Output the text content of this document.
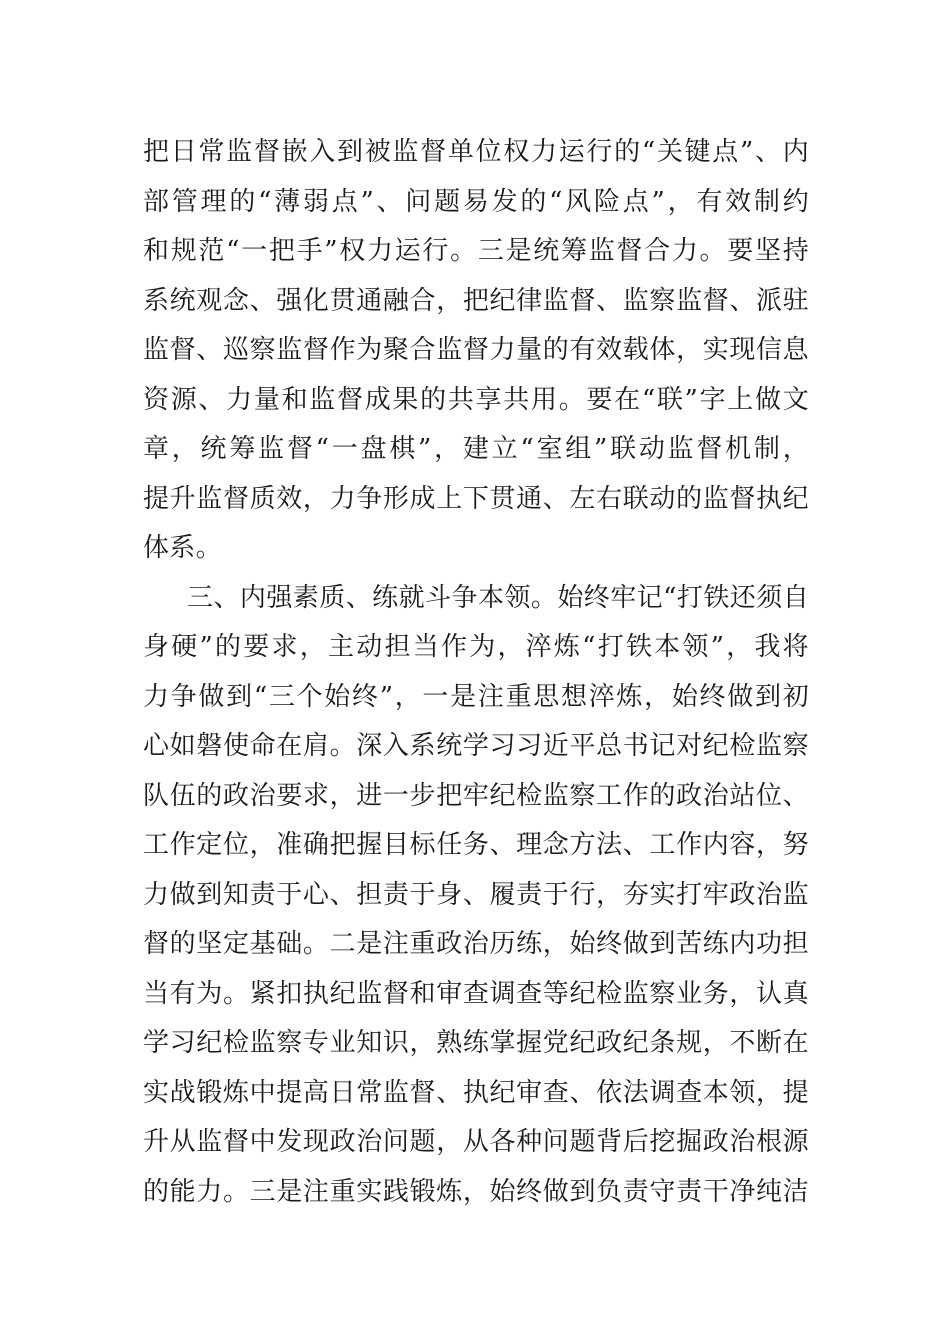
把日常监督嵌入到被监督单位权力运行的“关键点”、内
部管理的“薄弱点”、问题易发的“风险点”，有效制约
和规范“一把手”权力运行。三是统筹监督合力。要坚持
系统观念、强化贯通融合，把纪律监督、监察监督、派驻
监督、巡察监督作为聚合监督力量的有效载体，实现信息
资源、力量和监督成果的共享共用。要在“联”字上做文
章，统筹监督“一盘棋”，建立“室组”联动监督机制，
提升监督质效，力争形成上下贯通、左右联动的监督执纪
体系。
三、内强素质、练就斗争本领。始终牢记“打铁还须自
身硬”的要求，主动担当作为，淬炼“打铁本领”，我将
力争做到“三个始终”，一是注重思想淬炼，始终做到初
心如磐使命在肩。深入系统学习习近平总书记对纪检监察
队伍的政治要求，进一步把牢纪检监察工作的政治站位、
工作定位，准确把握目标任务、理念方法、工作内容，努
力做到知责于心、担责于身、履责于行，夯实打牢政治监
督的坚定基础。二是注重政治历练，始终做到苦练内功担
当有为。紧扣执纪监督和审查调查等纪检监察业务，认真
学习纪检监察专业知识，熟练掌握党纪政纪条规，不断在
实战锻炼中提高日常监督、执纪审查、依法调查本领，提
升从监督中发现政治问题，从各种问题背后挖掘政治根源
的能力。三是注重实践锻炼，始终做到负责守责干净纯洁
